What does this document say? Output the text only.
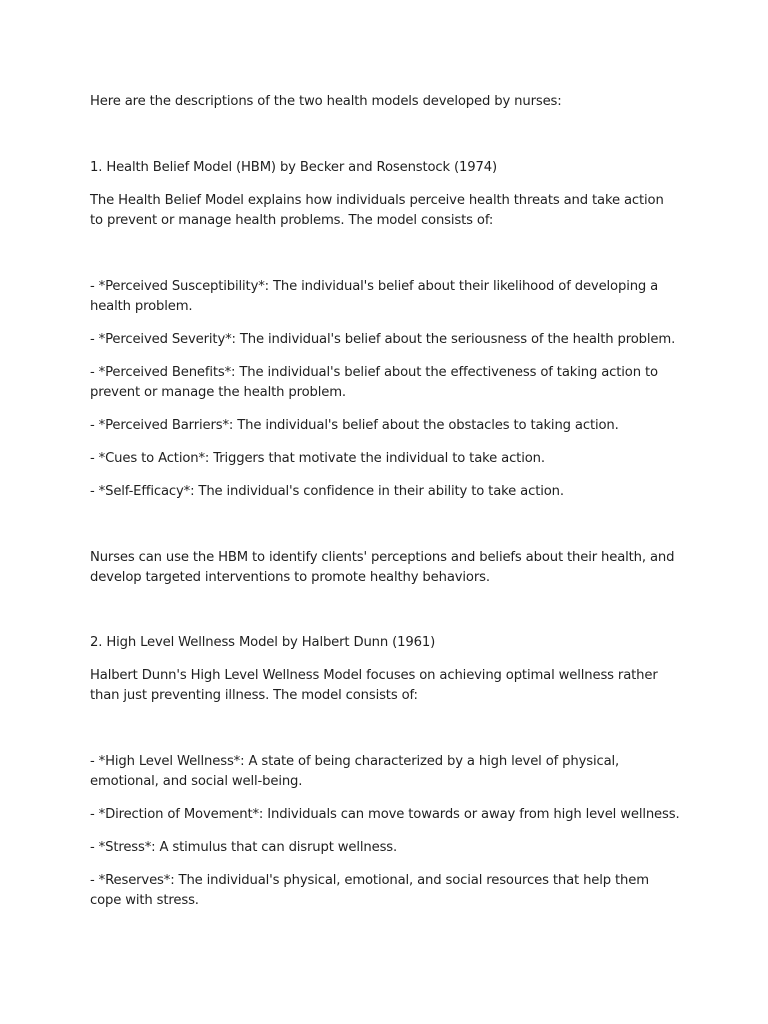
Here are the descriptions of the two health models developed by nurses:

1. Health Belief Model (HBM) by Becker and Rosenstock (1974)

The Health Belief Model explains how individuals perceive health threats and take action to prevent or manage health problems. The model consists of:

- *Perceived Susceptibility*: The individual's belief about their likelihood of developing a health problem.

- *Perceived Severity*: The individual's belief about the seriousness of the health problem.

- *Perceived Benefits*: The individual's belief about the effectiveness of taking action to prevent or manage the health problem.

- *Perceived Barriers*: The individual's belief about the obstacles to taking action.

- *Cues to Action*: Triggers that motivate the individual to take action.

- *Self-Efficacy*: The individual's confidence in their ability to take action.

Nurses can use the HBM to identify clients' perceptions and beliefs about their health, and develop targeted interventions to promote healthy behaviors.

2. High Level Wellness Model by Halbert Dunn (1961)

Halbert Dunn's High Level Wellness Model focuses on achieving optimal wellness rather than just preventing illness. The model consists of:

- *High Level Wellness*: A state of being characterized by a high level of physical, emotional, and social well-being.

- *Direction of Movement*: Individuals can move towards or away from high level wellness.

- *Stress*: A stimulus that can disrupt wellness.

- *Reserves*: The individual's physical, emotional, and social resources that help them cope with stress.
